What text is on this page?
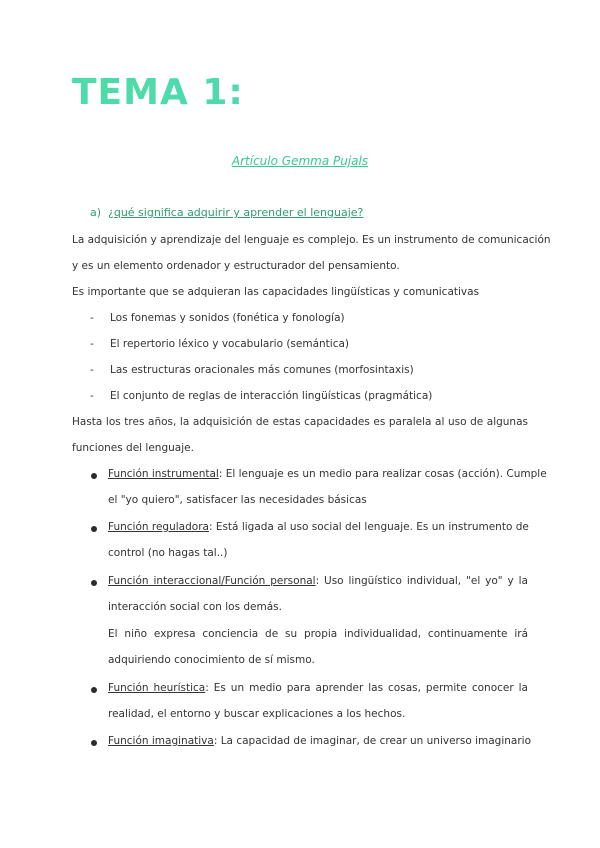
TEMA 1:

Artículo Gemma Pujals

a) ¿qué significa adquirir y aprender el lenguaje?

La adquisición y aprendizaje del lenguaje es complejo. Es un instrumento de comunicación

y es un elemento ordenador y estructurador del pensamiento.

Es importante que se adquieran las capacidades lingüísticas y comunicativas

- Los fonemas y sonidos (fonética y fonología)

- El repertorio léxico y vocabulario (semántica)

- Las estructuras oracionales más comunes (morfosintaxis)

- El conjunto de reglas de interacción lingüísticas (pragmática)

Hasta los tres años, la adquisición de estas capacidades es paralela al uso de algunas

funciones del lenguaje.

Función instrumental: El lenguaje es un medio para realizar cosas (acción). Cumple

el "yo quiero", satisfacer las necesidades básicas

Función reguladora: Está ligada al uso social del lenguaje. Es un instrumento de

control (no hagas tal..)

Función interaccional/Función personal: Uso lingüístico individual, "el yo" y la

interacción social con los demás.

El niño expresa conciencia de su propia individualidad, continuamente irá

adquiriendo conocimiento de sí mismo.

Función heurística: Es un medio para aprender las cosas, permite conocer la

realidad, el entorno y buscar explicaciones a los hechos.

Función imaginativa: La capacidad de imaginar, de crear un universo imaginario
